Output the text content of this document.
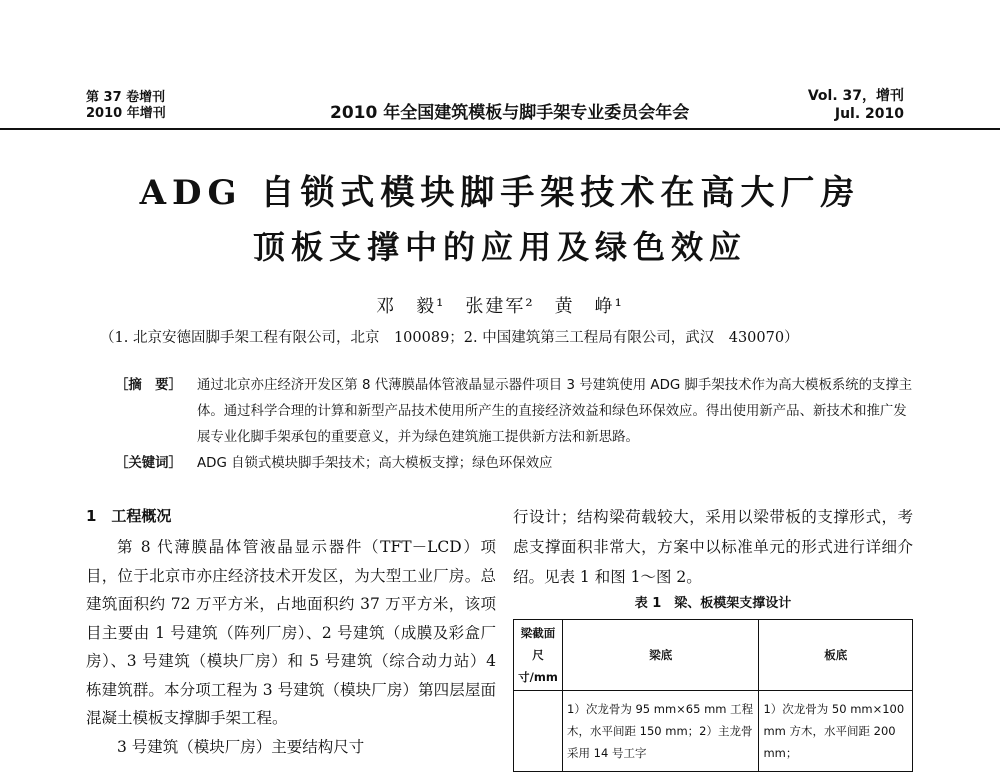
第 37 卷增刊
2010 年增刊	2010 年全国建筑模板与脚手架专业委员会年会
Vol. 37，增刊
Jul. 2010
ADG 自锁式模块脚手架技术在高大厂房
顶板支撑中的应用及绿色效应
邓　毅¹　张建军²　黄　峥¹
（1. 北京安德固脚手架工程有限公司，北京　100089；2. 中国建筑第三工程局有限公司，武汉　430070）
［摘　要］ 通过北京亦庄经济开发区第 8 代薄膜晶体管液晶显示器件项目 3 号建筑使用 ADG 脚手架技术作为高大模板系统的支撑主体。通过科学合理的计算和新型产品技术使用所产生的直接经济效益和绿色环保效应。得出使用新产品、新技术和推广发展专业化脚手架承包的重要意义，并为绿色建筑施工提供新方法和新思路。
［关键词］ ADG 自锁式模块脚手架技术；高大模板支撑；绿色环保效应
1　工程概况
第 8 代薄膜晶体管液晶显示器件（TFT－LCD）项目，位于北京市亦庄经济技术开发区，为大型工业厂房。总建筑面积约 72 万平方米，占地面积约 37 万平方米，该项目主要由 1 号建筑（阵列厂房）、2 号建筑（成膜及彩盒厂房）、3 号建筑（模块厂房）和 5 号建筑（综合动力站）4 栋建筑群。本分项工程为 3 号建筑（模块厂房）第四层屋面混凝土模板支撑脚手架工程。
3 号建筑（模块厂房）主要结构尺寸
行设计；结构梁荷载较大，采用以梁带板的支撑形式，考虑支撑面积非常大，方案中以标准单元的形式进行详细介绍。见表 1 和图 1～图 2。
表 1　梁、板模架支撑设计
梁截面尺寸/mm	梁底	板底
	1）次龙骨为 95 mm×65 mm 工程木，水平间距 150 mm；2）主龙骨采用 14 号工字	1）次龙骨为 50 mm×100 mm 方木，水平间距 200 mm；
